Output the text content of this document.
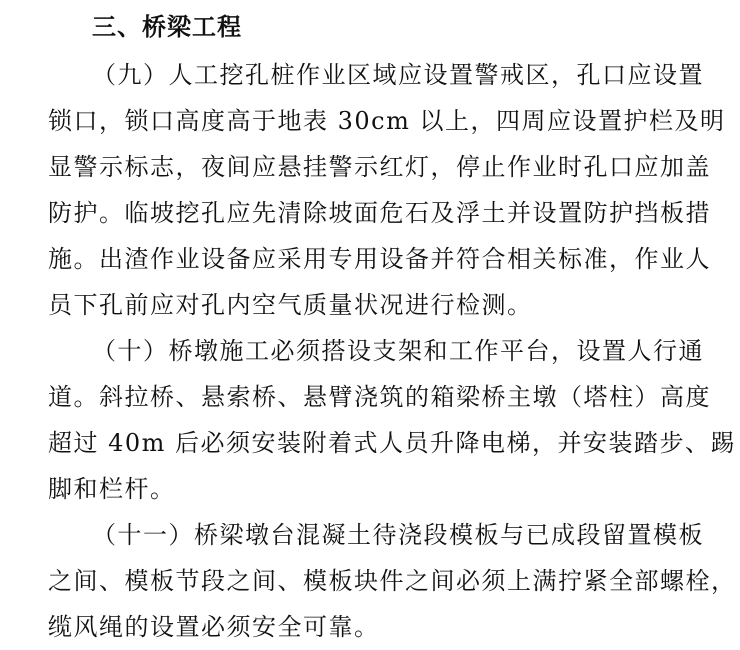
三、桥梁工程
（九）人工挖孔桩作业区域应设置警戒区，孔口应设置
锁口，锁口高度高于地表 30cm 以上，四周应设置护栏及明
显警示标志，夜间应悬挂警示红灯，停止作业时孔口应加盖
防护。临坡挖孔应先清除坡面危石及浮土并设置防护挡板措
施。出渣作业设备应采用专用设备并符合相关标准，作业人
员下孔前应对孔内空气质量状况进行检测。
（十）桥墩施工必须搭设支架和工作平台，设置人行通
道。斜拉桥、悬索桥、悬臂浇筑的箱梁桥主墩（塔柱）高度
超过 40m 后必须安装附着式人员升降电梯，并安装踏步、踢
脚和栏杆。
（十一）桥梁墩台混凝土待浇段模板与已成段留置模板
之间、模板节段之间、模板块件之间必须上满拧紧全部螺栓，
缆风绳的设置必须安全可靠。
